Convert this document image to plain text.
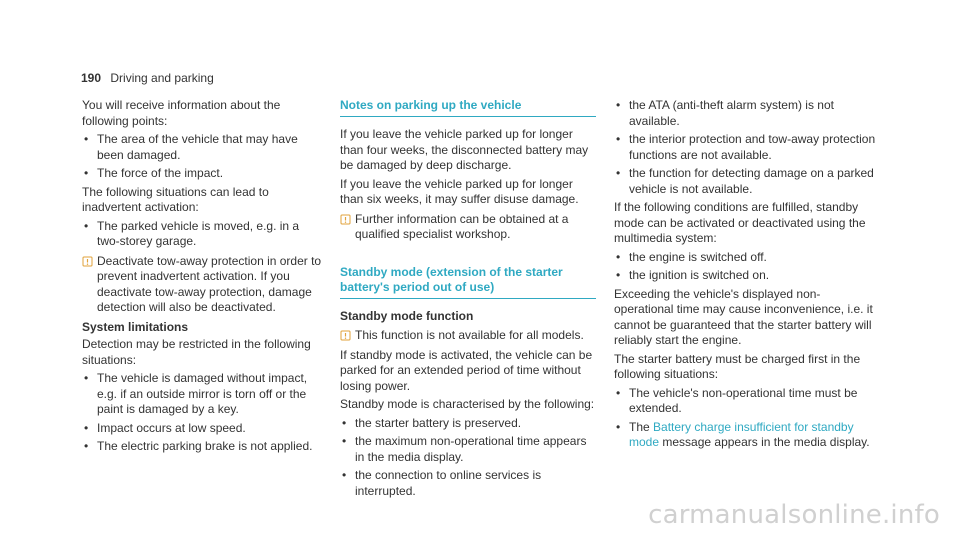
190 Driving and parking

You will receive information about the following points:

• The area of the vehicle that may have been damaged.
• The force of the impact.

The following situations can lead to inadvertent activation:

• The parked vehicle is moved, e.g. in a two-storey garage.
Deactivate tow-away protection in order to prevent inadvertent activation. If you deactivate tow-away protection, damage detection will also be deactivated.
System limitations

Detection may be restricted in the following situations:

• The vehicle is damaged without impact, e.g. if an outside mirror is torn off or the paint is damaged by a key.
• Impact occurs at low speed.
• The electric parking brake is not applied.
Notes on parking up the vehicle

If you leave the vehicle parked up for longer than four weeks, the disconnected battery may be damaged by deep discharge.

If you leave the vehicle parked up for longer than six weeks, it may suffer disuse damage.

Further information can be obtained at a qualified specialist workshop.
Standby mode (extension of the starter battery's period out of use)
Standby mode function
This function is not available for all models.

If standby mode is activated, the vehicle can be parked for an extended period of time without losing power.

Standby mode is characterised by the following:

• the starter battery is preserved.
• the maximum non-operational time appears in the media display.
• the connection to online services is interrupted.
• the ATA (anti-theft alarm system) is not available.
• the interior protection and tow-away protection functions are not available.
• the function for detecting damage on a parked vehicle is not available.

If the following conditions are fulfilled, standby mode can be activated or deactivated using the multimedia system:

• the engine is switched off.
• the ignition is switched on.

Exceeding the vehicle's displayed non-operational time may cause inconvenience, i.e. it cannot be guaranteed that the starter battery will reliably start the engine.

The starter battery must be charged first in the following situations:

• The vehicle's non-operational time must be extended.
• The Battery charge insufficient for standby mode message appears in the media display.
carmanualsonline.info
